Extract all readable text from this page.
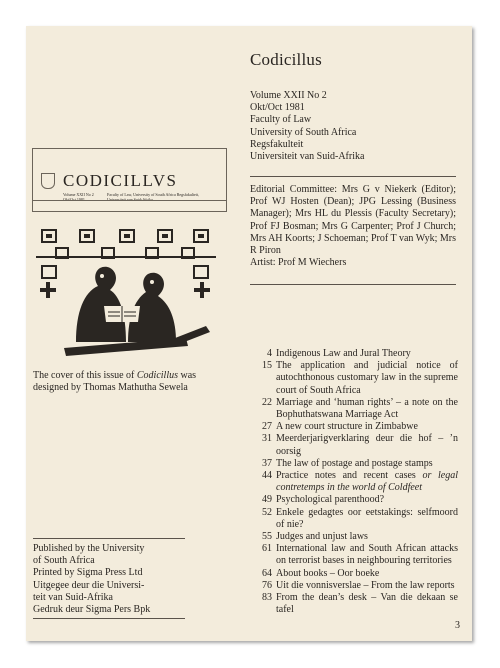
Codicillus
Volume XXII No 2
Okt/Oct 1981
Faculty of Law
University of South Africa
Regsfakulteit
Universiteit van Suid-Afrika
Editorial Committee: Mrs G v Niekerk (Editor); Prof WJ Hosten (Dean); JPG Lessing (Business Manager); Mrs HL du Plessis (Faculty Secretary); Prof FJ Bosman; Mrs G Carpenter; Prof J Church; Mrs AH Koorts; J Schoeman; Prof T van Wyk; Mrs R Piron
Artist: Prof M Wiechers
CODICILLVS
Volume XXII No 2 Okt/Oct 1981
Faculty of Law, University of South Africa Regsfakulteit, Universiteit van Suid-Afrika
The cover of this issue of Codicillus was designed by Thomas Mathutha Sewela
Published by the University
of South Africa
Printed by Sigma Press Ltd
Uitgegee deur die Universi-
teit van Suid-Afrika
Gedruk deur Sigma Pers Bpk
4 Indigenous Law and Jural Theory
15 The application and judicial notice of autochthonous customary law in the supreme court of South Africa
22 Marriage and ‘human rights’ – a note on the Bophuthatswana Marriage Act
27 A new court structure in Zimbabwe
31 Meerderjarigverklaring deur die hof – ’n oorsig
37 The law of postage and postage stamps
44 Practice notes and recent cases or legal contretemps in the world of Coldfeet
49 Psychological parenthood?
52 Enkele gedagtes oor eetstakings: selfmoord of nie?
55 Judges and unjust laws
61 International law and South African attacks on terrorist bases in neighbouring territories
64 About books – Oor boeke
76 Uit die vonnisverslae – From the law reports
83 From the dean’s desk – Van die dekaan se tafel
3
